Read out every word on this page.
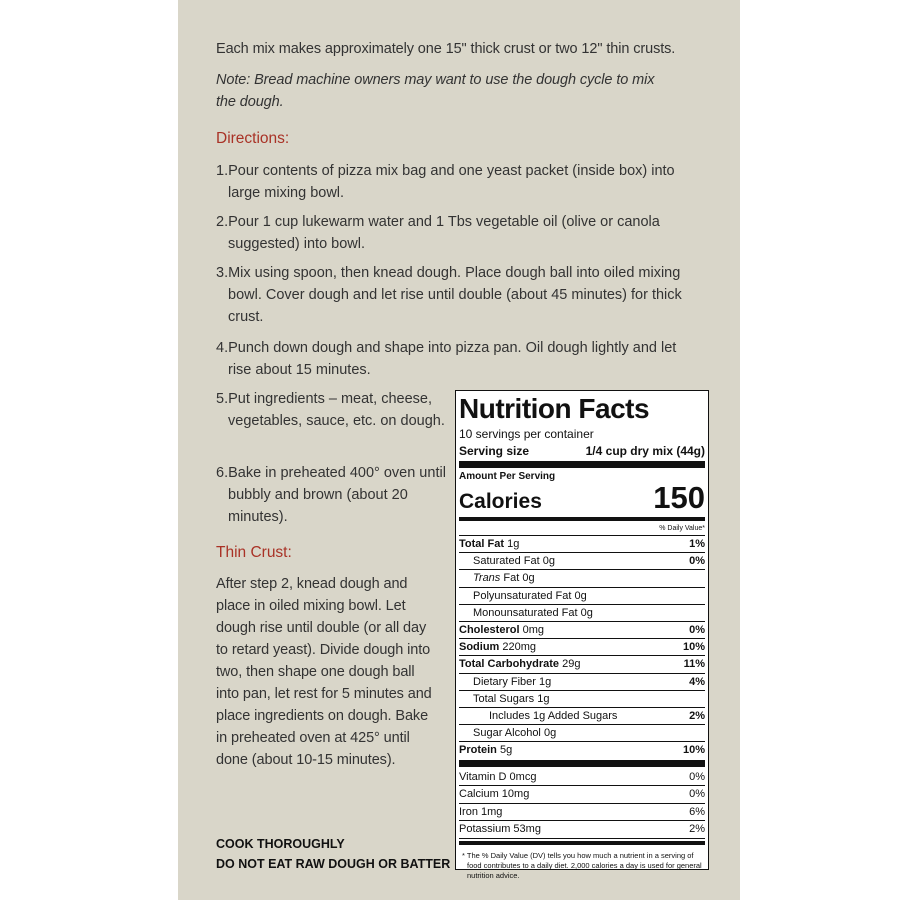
Each mix makes approximately one 15" thick crust or two 12" thin crusts.
Note: Bread machine owners may want to use the dough cycle to mix the dough.
Directions:
1.Pour contents of pizza mix bag and one yeast packet (inside box) into large mixing bowl.
2.Pour 1 cup lukewarm water and 1 Tbs vegetable oil (olive or canola suggested) into bowl.
3.Mix using spoon, then knead dough. Place dough ball into oiled mixing bowl. Cover dough and let rise until double (about 45 minutes) for thick crust.
4.Punch down dough and shape into pizza pan. Oil dough lightly and let rise about 15 minutes.
5.Put ingredients – meat, cheese, vegetables, sauce, etc. on dough.
6.Bake in preheated 400° oven until bubbly and brown (about 20 minutes).
Thin Crust:
After step 2, knead dough and place in oiled mixing bowl. Let dough rise until double (or all day to retard yeast). Divide dough into two, then shape one dough ball into pan, let rest for 5 minutes and place ingredients on dough. Bake in preheated oven at 425° until done (about 10-15 minutes).
COOK THOROUGHLY
DO NOT EAT RAW DOUGH OR BATTER
Nutrition Facts
10 servings per container
Serving size	1/4 cup dry mix (44g)
Amount Per Serving
Calories	150
% Daily Value*
Total Fat 1g	1%
Saturated Fat 0g	0%
Trans Fat 0g
Polyunsaturated Fat 0g
Monounsaturated Fat 0g
Cholesterol 0mg	0%
Sodium 220mg	10%
Total Carbohydrate 29g	11%
Dietary Fiber 1g	4%
Total Sugars 1g
Includes 1g Added Sugars	2%
Sugar Alcohol 0g
Protein 5g	10%
Vitamin D 0mcg	0%
Calcium 10mg	0%
Iron 1mg	6%
Potassium 53mg	2%
* The % Daily Value (DV) tells you how much a nutrient in a serving of food contributes to a daily diet. 2,000 calories a day is used for general nutrition advice.
